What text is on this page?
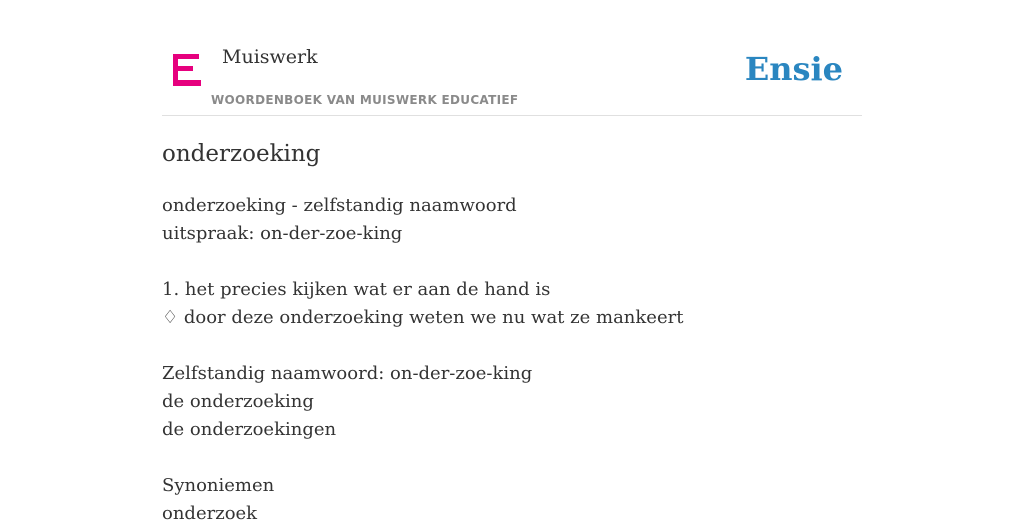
Muiswerk
WOORDENBOEK VAN MUISWERK EDUCATIEF
Ensie
onderzoeking
onderzoeking - zelfstandig naamwoord
uitspraak: on-der-zoe-king
1. het precies kijken wat er aan de hand is
♢ door deze onderzoeking weten we nu wat ze mankeert
Zelfstandig naamwoord: on-der-zoe-king
de onderzoeking
de onderzoekingen
Synoniemen
onderzoek
